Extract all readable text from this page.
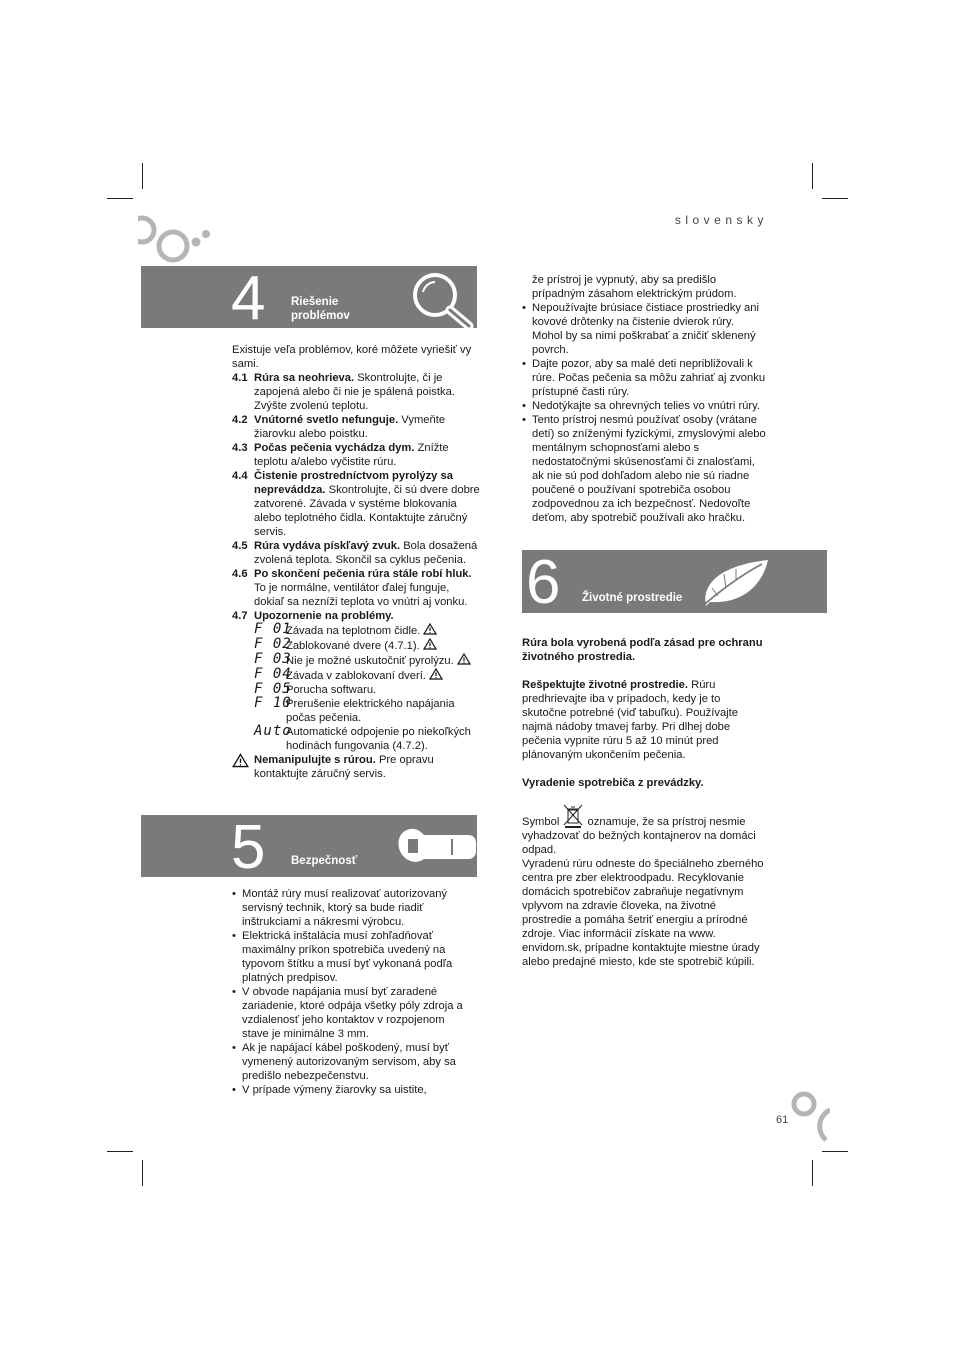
slovensky
4 Riešenie
problémov

Existuje veľa problémov, koré môžete vyriešiť vy sami.

4.1 Rúra sa neohrieva. Skontrolujte, či je zapojená alebo či nie je spálená poistka. Zvýšte zvolenú teplotu.
4.2 Vnútorné svetlo nefunguje. Vymeňte žiarovku alebo poistku.
4.3 Počas pečenia vychádza dym. Znížte teplotu a/alebo vyčistite rúru.
4.4 Čistenie prostredníctvom pyrolýzy sa nepreváddza. Skontrolujte, či sú dvere dobre zatvorené. Závada v systéme blokovania alebo teplotného čidla. Kontaktujte záručný servis.
4.5 Rúra vydáva pískľavý zvuk. Bola dosažená zvolená teplota. Skončil sa cyklus pečenia.
4.6 Po skončení pečenia rúra stále robí hluk. To je normálne, ventilátor ďalej funguje, dokiaľ sa nezníži teplota vo vnútri aj vonku.
4.7 Upozornenie na problémy.
F 01
Závada na teplotnom čidle.
F 02
Zablokované dvere (4.7.1).
F 03
Nie je možné uskutočniť pyrolýzu.
F 04
Závada v zablokovaní dverí.
F 05
Porucha softwaru.
F 10
Prerušenie elektrického napájania počas pečenia.
Auto
Automatické odpojenie po niekoľkých hodinách fungovania (4.7.2).
Nemanipulujte s rúrou. Pre opravu kontaktujte záručný servis.
5 Bezpečnosť
• Montáž rúry musí realizovať autorizovaný servisný technik, ktorý sa bude riadiť inštrukciami a nákresmi výrobcu.
• Elektrická inštalácia musí zohľadňovať maximálny príkon spotrebiča uvedený na typovom štítku a musí byť vykonaná podľa platných predpisov.
• V obvode napájania musí byť zaradené zariadenie, ktoré odpája všetky póly zdroja a vzdialenosť jeho kontaktov v rozpojenom stave je minimálne 3 mm.
• Ak je napájací kábel poškodený, musí byť vymenený autorizovaným servisom, aby sa predišlo nebezpečenstvu.
• V prípade výmeny žiarovky sa uistite,

že prístroj je vypnutý, aby sa predišlo prípadným zásahom elektrickým prúdom.

• Nepoužívajte brúsiace čistiace prostriedky ani kovové drôtenky na čistenie dvierok rúry. Mohol by sa nimi poškrabať a zničiť sklenený povrch.
• Dajte pozor, aby sa malé deti nepribližovali k rúre. Počas pečenia sa môžu zahriať aj zvonku prístupné časti rúry.
• Nedotýkajte sa ohrevných telies vo vnútri rúry.
• Tento prístroj nesmú používať osoby (vrátane detí) so zníženými fyzickými, zmyslovými alebo mentálnym schopnosťami alebo s nedostatočnými skúsenosťami či znalosťami, ak nie sú pod dohľadom alebo nie sú riadne poučené o používaní spotrebiča osobou zodpovednou za ich bezpečnosť. Nedovoľte deťom, aby spotrebič používali ako hračku.
6 Životné prostredie

Rúra bola vyrobená podľa zásad pre ochranu životného prostredia.

Rešpektujte životné prostredie. Rúru predhrievajte iba v prípadoch, kedy je to skutočne potrebné (viď tabuľku). Používajte najmä nádoby tmavej farby. Pri dlhej dobe pečenia vypnite rúru 5 až 10 minút pred plánovaným ukončením pečenia.

Vyradenie spotrebiča z prevádzky.

Symbol  oznamuje, že sa prístroj nesmie vyhadzovať do bežných kontajnerov na domáci odpad.

Vyradenú rúru odneste do špeciálneho zberného centra pre zber elektroodpadu. Recyklovanie domácich spotrebičov zabraňuje negatívnym vplyvom na zdravie človeka, na životné prostredie a pomáha šetriť energiu a prírodné zdroje. Viac informácií získate na www. envidom.sk, prípadne kontaktujte miestne úrady alebo predajné miesto, kde ste spotrebič kúpili.

61
